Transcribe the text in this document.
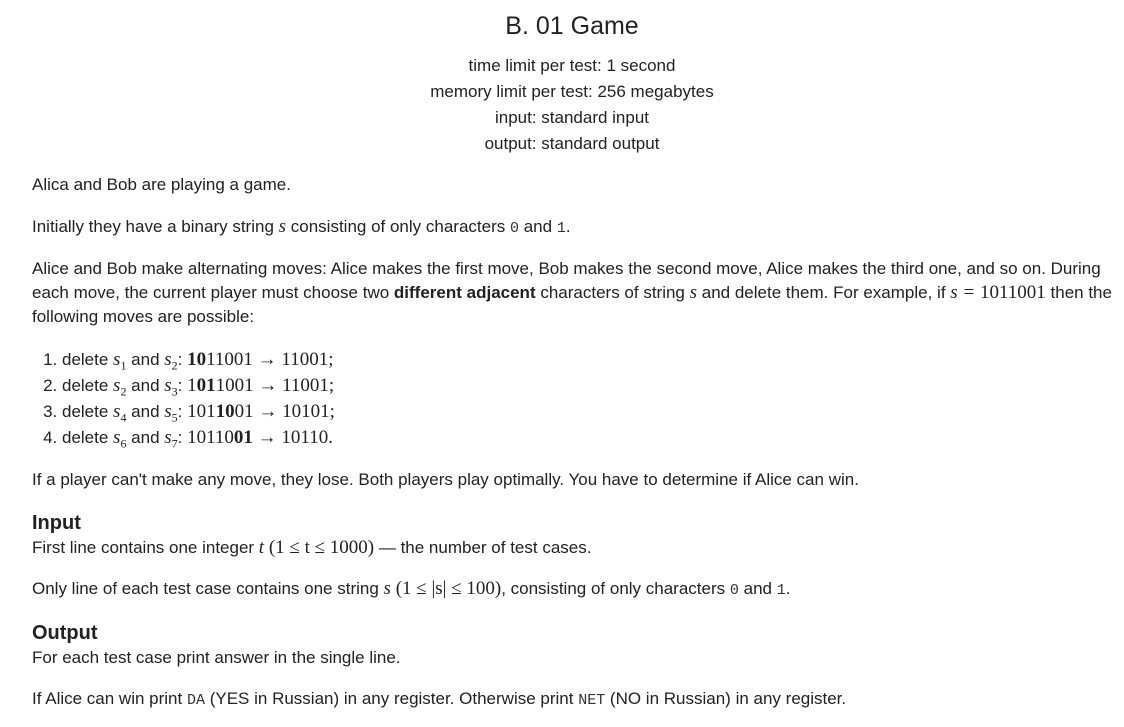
B. 01 Game
time limit per test: 1 second
memory limit per test: 256 megabytes
input: standard input
output: standard output
Alica and Bob are playing a game.
Initially they have a binary string s consisting of only characters 0 and 1.
Alice and Bob make alternating moves: Alice makes the first move, Bob makes the second move, Alice makes the third one, and so on. During each move, the current player must choose two different adjacent characters of string s and delete them. For example, if s = 1011001 then the following moves are possible:
1. delete $s_1$ and $s_2$: 1011001 → 11001;
2. delete $s_2$ and $s_3$: 1011001 → 11001;
3. delete $s_4$ and $s_5$: 1011001 → 10101;
4. delete $s_6$ and $s_7$: 1011001 → 10110.
If a player can't make any move, they lose. Both players play optimally. You have to determine if Alice can win.
Input
First line contains one integer t (1 ≤ t ≤ 1000) — the number of test cases.
Only line of each test case contains one string s (1 ≤ |s| ≤ 100), consisting of only characters 0 and 1.
Output
For each test case print answer in the single line.
If Alice can win print DA (YES in Russian) in any register. Otherwise print NET (NO in Russian) in any register.
